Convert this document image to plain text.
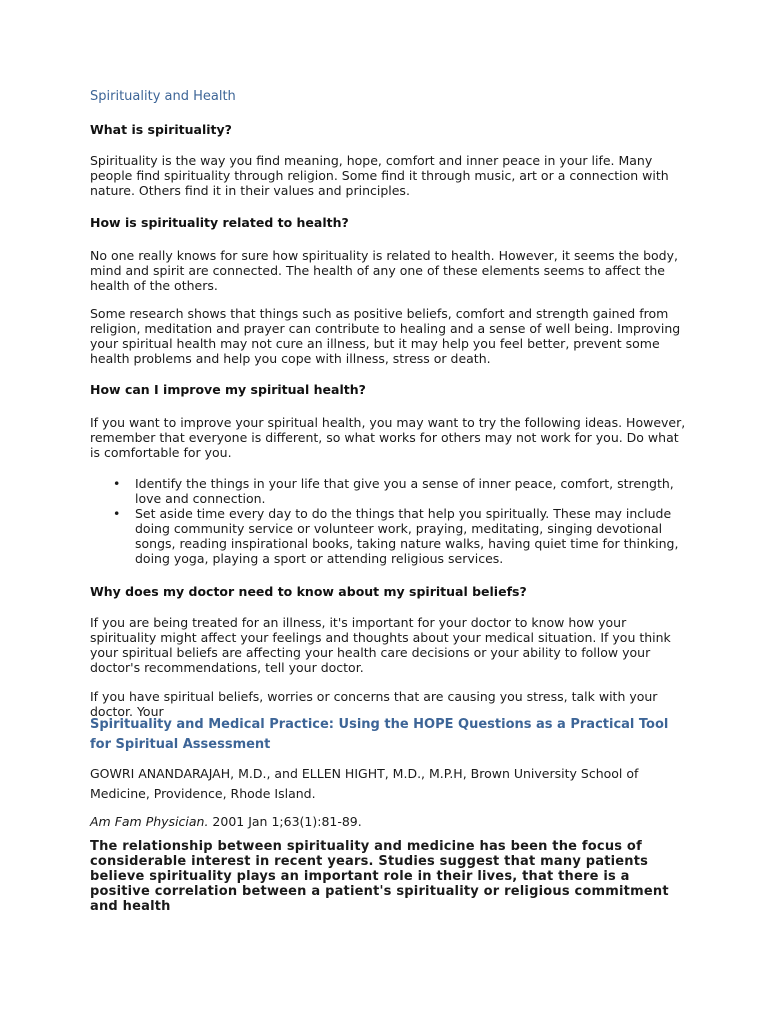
Spirituality and Health
What is spirituality?

Spirituality is the way you find meaning, hope, comfort and inner peace in your life. Many people find spirituality through religion. Some find it through music, art or a connection with nature. Others find it in their values and principles.

How is spirituality related to health?

No one really knows for sure how spirituality is related to health. However, it seems the body, mind and spirit are connected. The health of any one of these elements seems to affect the health of the others.

Some research shows that things such as positive beliefs, comfort and strength gained from religion, meditation and prayer can contribute to healing and a sense of well being. Improving your spiritual health may not cure an illness, but it may help you feel better, prevent some health problems and help you cope with illness, stress or death.

How can I improve my spiritual health?

If you want to improve your spiritual health, you may want to try the following ideas. However, remember that everyone is different, so what works for others may not work for you. Do what is comfortable for you.

• Identify the things in your life that give you a sense of inner peace, comfort, strength, love and connection.
• Set aside time every day to do the things that help you spiritually. These may include doing community service or volunteer work, praying, meditating, singing devotional songs, reading inspirational books, taking nature walks, having quiet time for thinking, doing yoga, playing a sport or attending religious services.
Why does my doctor need to know about my spiritual beliefs?

If you are being treated for an illness, it's important for your doctor to know how your spirituality might affect your feelings and thoughts about your medical situation. If you think your spiritual beliefs are affecting your health care decisions or your ability to follow your doctor's recommendations, tell your doctor.

If you have spiritual beliefs, worries or concerns that are causing you stress, talk with your doctor. Your

Spirituality and Medical Practice: Using the HOPE Questions as a Practical Tool for Spiritual Assessment
GOWRI ANANDARAJAH, M.D., and ELLEN HIGHT, M.D., M.P.H, Brown University School of Medicine, Providence, Rhode Island.
Am Fam Physician. 2001 Jan 1;63(1):81-89.

The relationship between spirituality and medicine has been the focus of considerable interest in recent years. Studies suggest that many patients believe spirituality plays an important role in their lives, that there is a positive correlation between a patient's spirituality or religious commitment and health
